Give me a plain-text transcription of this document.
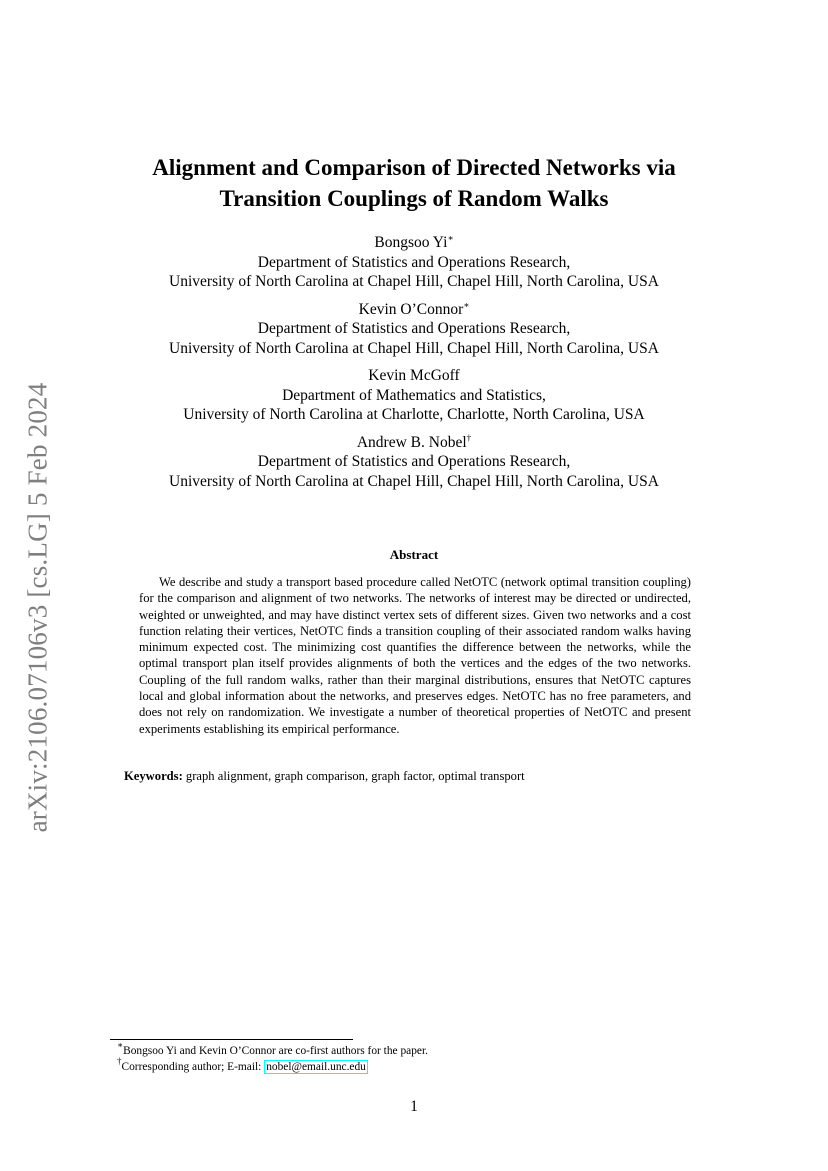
arXiv:2106.07106v3 [cs.LG] 5 Feb 2024
Alignment and Comparison of Directed Networks via
Transition Couplings of Random Walks
Bongsoo Yi∗
Department of Statistics and Operations Research,
University of North Carolina at Chapel Hill, Chapel Hill, North Carolina, USA
Kevin O’Connor∗
Department of Statistics and Operations Research,
University of North Carolina at Chapel Hill, Chapel Hill, North Carolina, USA
Kevin McGoff
Department of Mathematics and Statistics,
University of North Carolina at Charlotte, Charlotte, North Carolina, USA
Andrew B. Nobel†
Department of Statistics and Operations Research,
University of North Carolina at Chapel Hill, Chapel Hill, North Carolina, USA
Abstract

We describe and study a transport based procedure called NetOTC (network optimal transition coupling) for the comparison and alignment of two networks. The networks of interest may be directed or undirected, weighted or unweighted, and may have distinct vertex sets of different sizes. Given two networks and a cost function relating their vertices, NetOTC finds a transition coupling of their associated random walks having minimum expected cost. The minimizing cost quantifies the difference between the networks, while the optimal transport plan itself provides alignments of both the vertices and the edges of the two networks. Coupling of the full random walks, rather than their marginal distributions, ensures that NetOTC captures local and global information about the networks, and preserves edges. NetOTC has no free parameters, and does not rely on randomization. We investigate a number of theoretical properties of NetOTC and present experiments establishing its empirical performance.

Keywords: graph alignment, graph comparison, graph factor, optimal transport
∗Bongsoo Yi and Kevin O’Connor are co-first authors for the paper.
†Corresponding author; E-mail: nobel@email.unc.edu
1
